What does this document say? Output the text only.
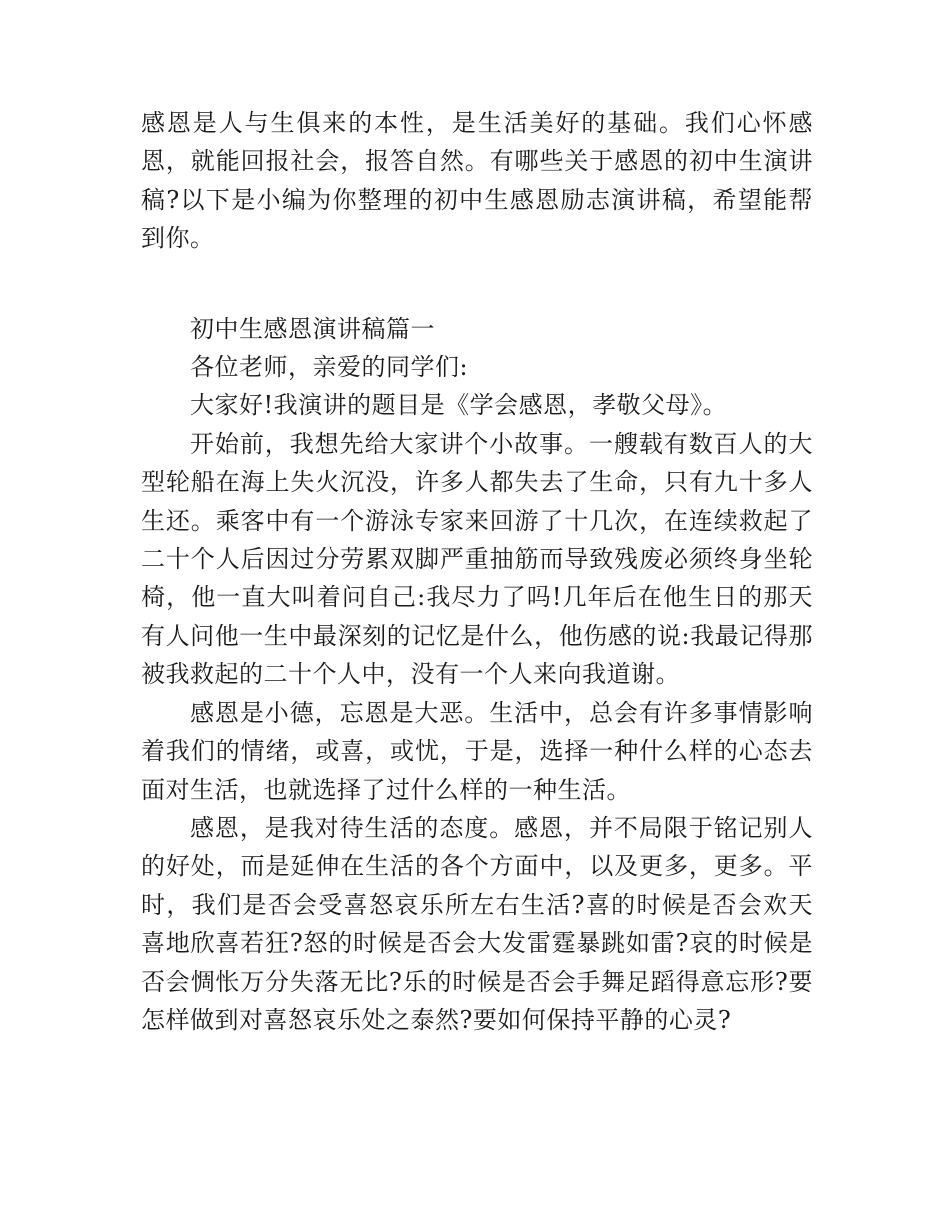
感恩是人与生俱来的本性，是生活美好的基础。我们心怀感恩，就能回报社会，报答自然。有哪些关于感恩的初中生演讲稿?以下是小编为你整理的初中生感恩励志演讲稿，希望能帮到你。

初中生感恩演讲稿篇一

各位老师，亲爱的同学们:

大家好!我演讲的题目是《学会感恩，孝敬父母》。

开始前，我想先给大家讲个小故事。一艘载有数百人的大型轮船在海上失火沉没，许多人都失去了生命，只有九十多人生还。乘客中有一个游泳专家来回游了十几次，在连续救起了二十个人后因过分劳累双脚严重抽筋而导致残废必须终身坐轮椅，他一直大叫着问自己:我尽力了吗!几年后在他生日的那天有人问他一生中最深刻的记忆是什么，他伤感的说:我最记得那被我救起的二十个人中，没有一个人来向我道谢。

感恩是小德，忘恩是大恶。生活中，总会有许多事情影响着我们的情绪，或喜，或忧，于是，选择一种什么样的心态去面对生活，也就选择了过什么样的一种生活。

感恩，是我对待生活的态度。感恩，并不局限于铭记别人的好处，而是延伸在生活的各个方面中，以及更多，更多。平时，我们是否会受喜怒哀乐所左右生活?喜的时候是否会欢天喜地欣喜若狂?怒的时候是否会大发雷霆暴跳如雷?哀的时候是否会惆怅万分失落无比?乐的时候是否会手舞足蹈得意忘形?要怎样做到对喜怒哀乐处之泰然?要如何保持平静的心灵?
